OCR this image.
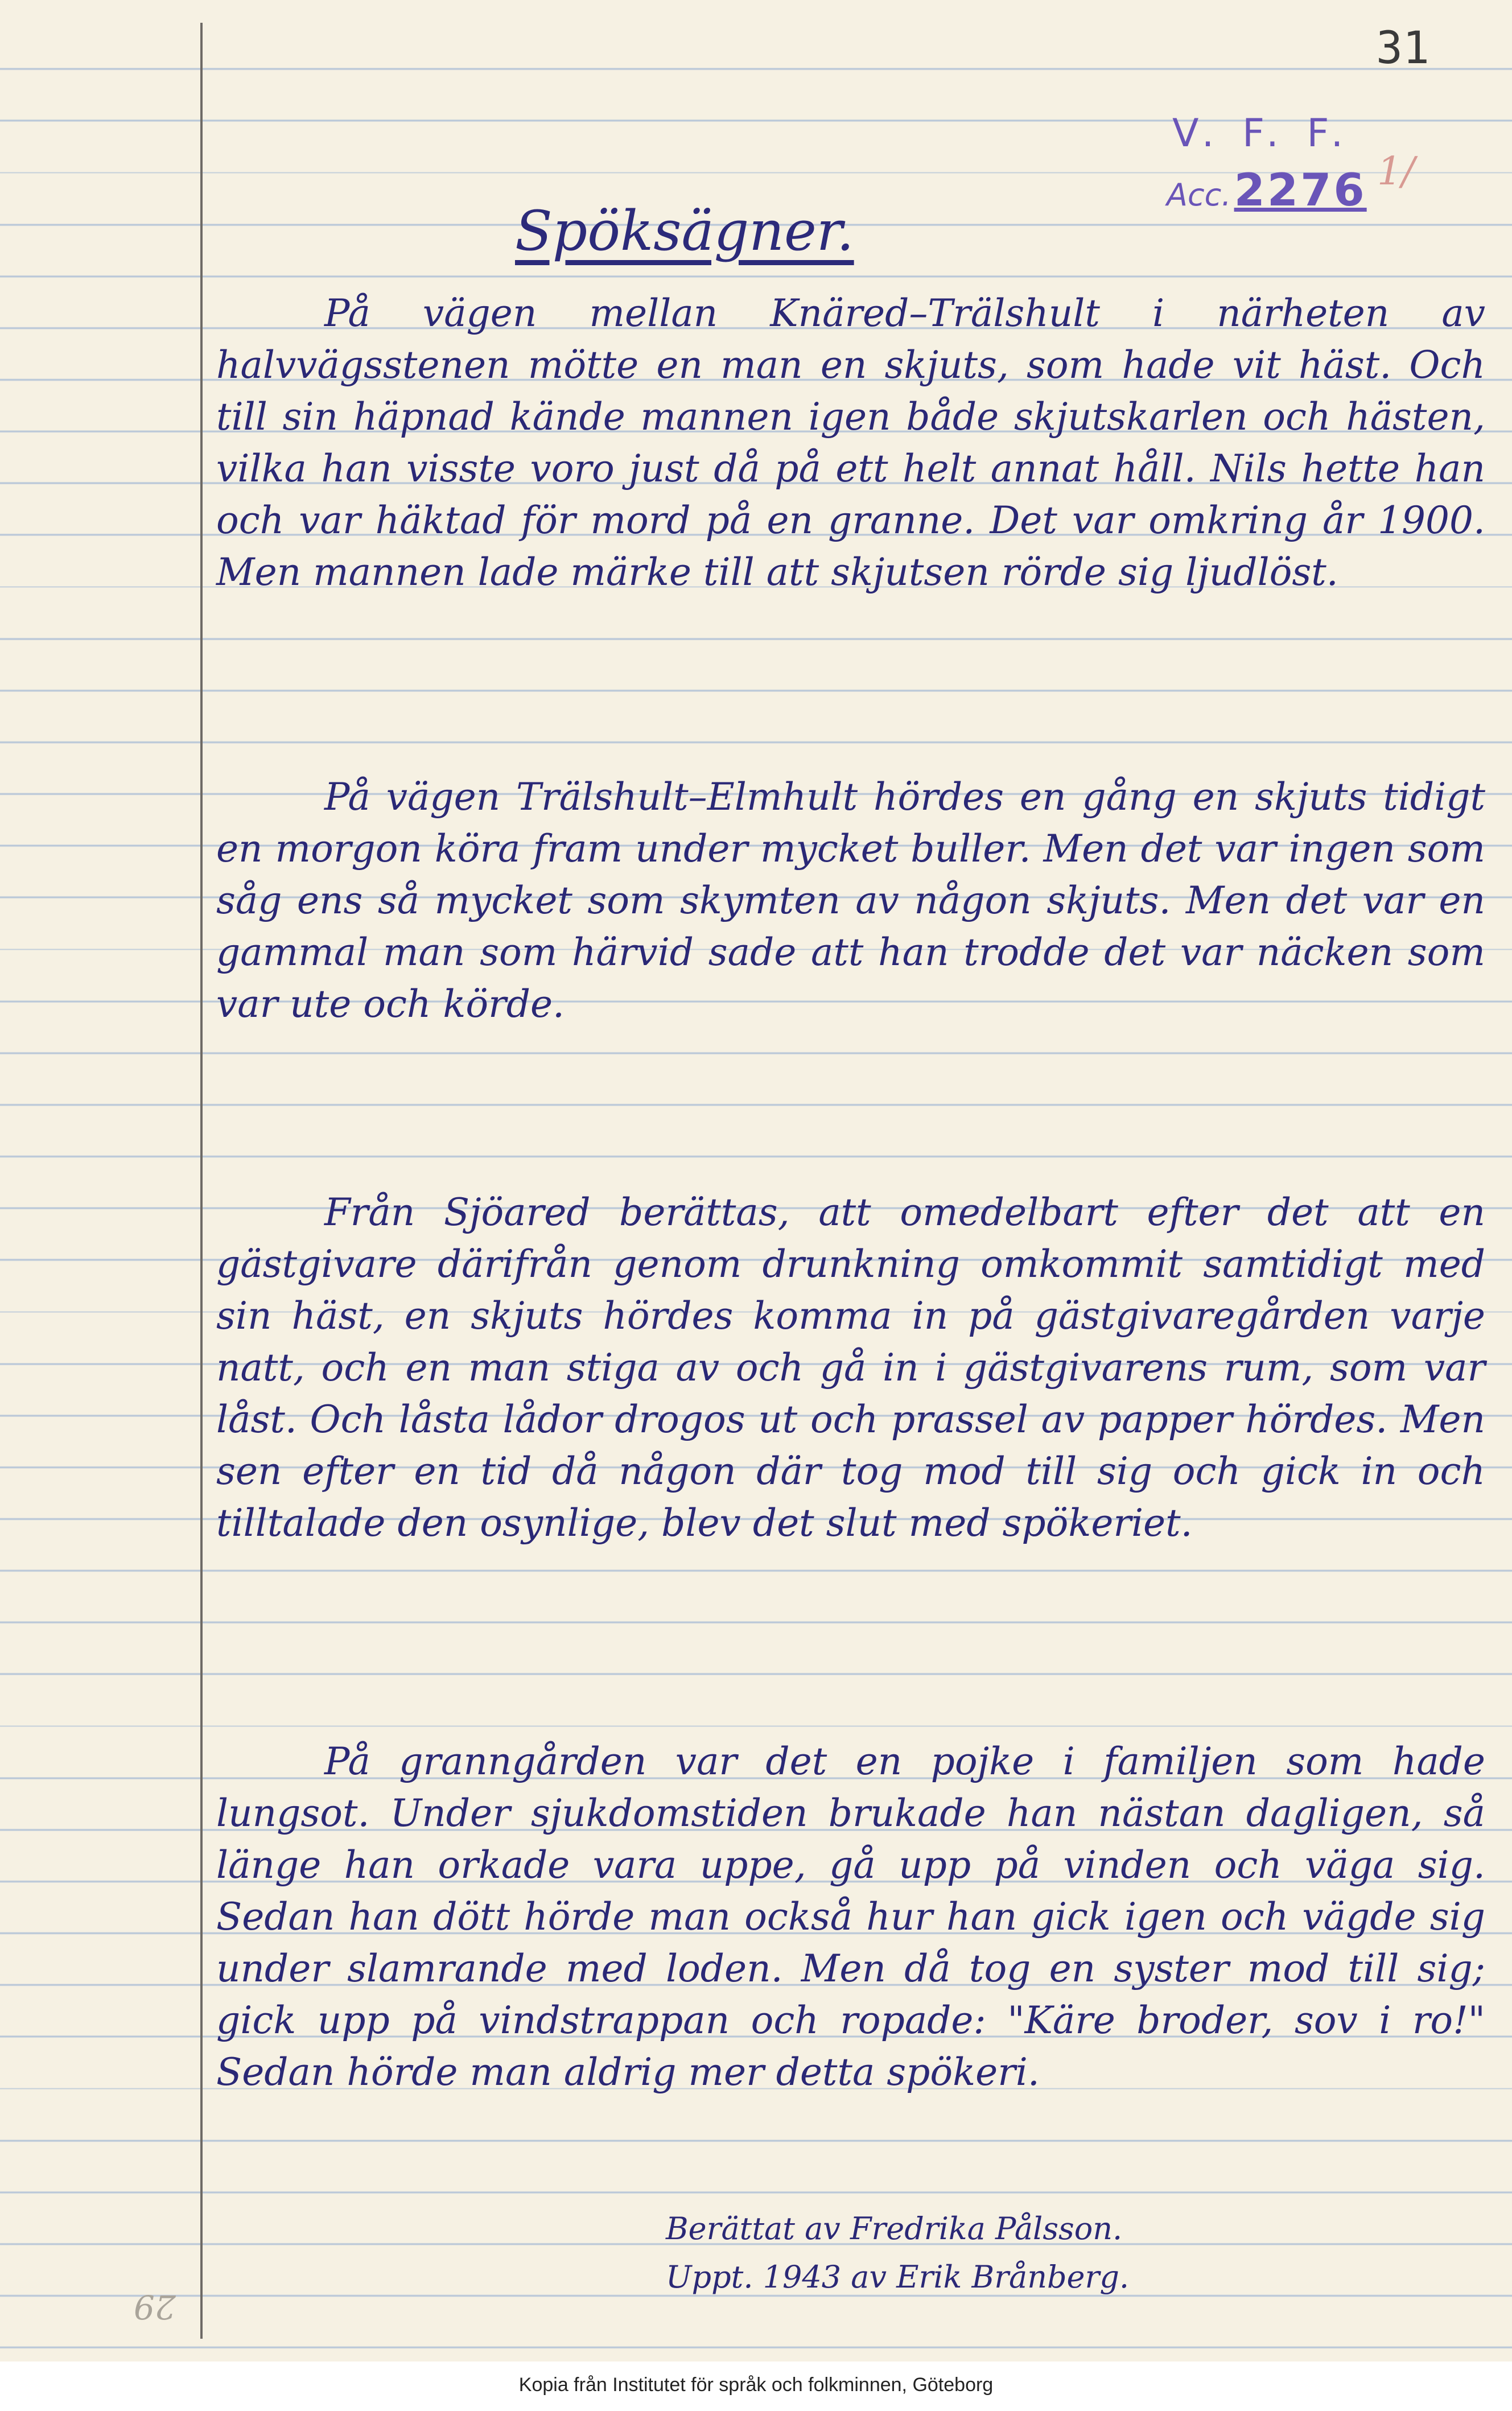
31
V. F. F.
Acc. 2276 1/
Spöksägner.

På vägen mellan Knäred–Trälshult i närheten av halvvägsstenen mötte en man en skjuts, som hade vit häst. Och till sin häpnad kände mannen igen både skjutskarlen och hästen, vilka han visste voro just då på ett helt annat håll. Nils hette han och var häktad för mord på en granne. Det var omkring år 1900. Men mannen lade märke till att skjutsen rörde sig ljudlöst.

På vägen Trälshult–Elmhult hördes en gång en skjuts tidigt en morgon köra fram under mycket buller. Men det var ingen som såg ens så mycket som skymten av någon skjuts. Men det var en gammal man som härvid sade att han trodde det var näcken som var ute och körde.

Från Sjöared berättas, att omedelbart efter det att en gästgivare därifrån genom drunkning omkommit samtidigt med sin häst, en skjuts hördes komma in på gästgivaregården varje natt, och en man stiga av och gå in i gästgivarens rum, som var låst. Och låsta lådor drogos ut och prassel av papper hördes. Men sen efter en tid då någon där tog mod till sig och gick in och tilltalade den osynlige, blev det slut med spökeriet.

På granngården var det en pojke i familjen som hade lungsot. Under sjukdomstiden brukade han nästan dagligen, så länge han orkade vara uppe, gå upp på vinden och väga sig. Sedan han dött hörde man också hur han gick igen och vägde sig under slamrande med loden. Men då tog en syster mod till sig; gick upp på vindstrappan och ropade: "Käre broder, sov i ro!" Sedan hörde man aldrig mer detta spökeri.

Berättat av Fredrika Pålsson.

Uppt. 1943 av Erik Brånberg.

29
Kopia från Institutet för språk och folkminnen, Göteborg
